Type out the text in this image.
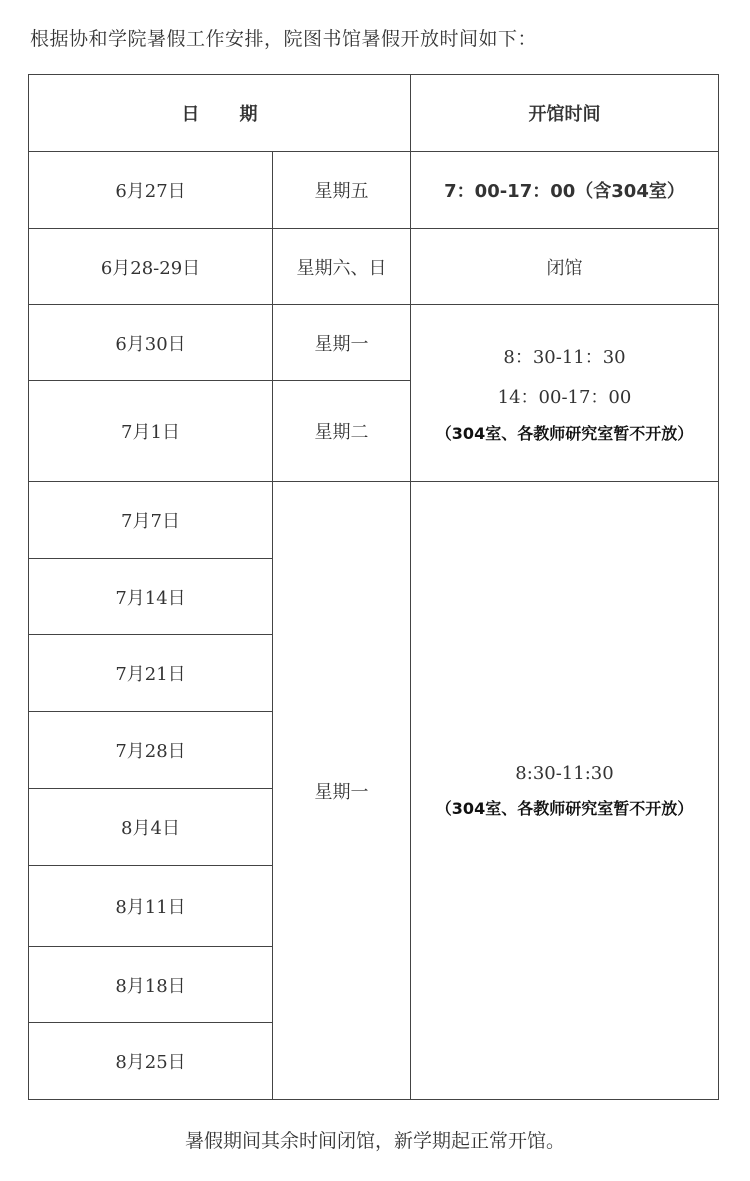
根据协和学院暑假工作安排，院图书馆暑假开放时间如下：
日期		开馆时间
6月27日	星期五	7：00-17：00（含304室）
6月28-29日	星期六、日	闭馆
6月30日	星期一	8：30-11：30
14：00-17：00
（304室、各教师研究室暂不开放）

7月1日	星期二	
7月7日	星期一	8:30-11:30
（304室、各教师研究室暂不开放）

7月14日		
7月21日		
7月28日		
8月4日		
8月11日		
8月18日		
8月25日		
暑假期间其余时间闭馆，新学期起正常开馆。
